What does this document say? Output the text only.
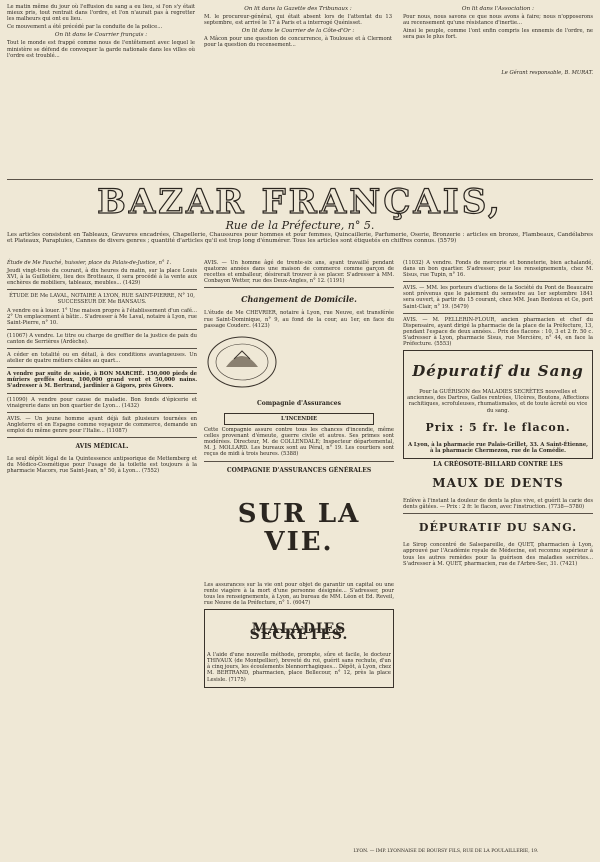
Le matin même du jour où l'effusion du sang a eu lieu, si l'on s'y était mieux pris, tout rentrait dans l'ordre, et l'on n'aurait pas à regretter les malheurs qui ont eu lieu.

Ce mouvement a été précédé par la conduite de la police...

On lit dans le Courrier français :

Tout le monde est frappé comme nous de l'entêtement avec lequel le ministère se défend de convoquer la garde nationale dans les villes où l'ordre est troublé...

On lit dans la Gazette des Tribunaux :

M. le procureur-général, qui était absent lors de l'attentat du 13 septembre, est arrivé le 17 à Paris et a interrogé Quénisset.

On lit dans le Courrier de la Côte-d'Or :

A Mâcon pour une question de concurrence, à Toulouse et à Clermont pour la question du recensement...

On lit dans l'Association :

Pour nous, nous savons ce que nous avons à faire; nous n'opposerons au recensement qu'une résistance d'inertie...

Ainsi le peuple, comme l'ont enfin compris les ennemis de l'ordre, ne sera pas le plus fort.

Le Gérant responsable, B. MURAT.

BAZAR FRANÇAIS,

Rue de la Préfecture, n° 5.

Les articles consistent en Tableaux, Gravures encadrées, Chapellerie, Chaussures pour hommes et pour femmes, Quincaillerie, Parfumerie, Oserie, Bronzerie : articles en bronze, Flambeaux, Candélabres et Plateaux, Parapluies, Cannes de divers genres ; quantité d'articles qu'il est trop long d'énumérer. Tous les articles sont étiquetés en chiffres connus. (5579)

Étude de Me Fauché, huissier, place du Palais-de-Justice, n° 1.

Jeudi vingt-trois du courant, à dix heures du matin, sur la place Louis XVI, à la Guillotière, lieu des Brotteaux, il sera procédé à la vente aux enchères de mobiliers, tableaux, meubles... (1429)

ÉTUDE DE Me LAVAL, NOTAIRE A LYON, RUE SAINT-PIERRE, N° 10, SUCCESSEUR DE Me BANSAUS.

A vendre ou à louer. 1° Une maison propre à l'établissement d'un café... 2° Un emplacement à bâtir... S'adresser à Me Laval, notaire à Lyon, rue Saint-Pierre, n° 10.

(11067) A vendre. Le titre ou charge de greffier de la justice de paix du canton de Serrières (Ardèche).

A céder en totalité ou en détail, à des conditions avantageuses. Un atelier de quatre métiers châles au quart...

A vendre par suite de saisie, à BON MARCHÉ. 150,000 pieds de mûriers greffés doux, 100,000 grand vent et 50,000 nains. S'adresser à M. Bertrand, jardinier à Gigors, près Givors.

(11090) A vendre pour cause de maladie. Bon fonds d'épicerie et vinaigrerie dans un bon quartier de Lyon... (1432)

AVIS. — Un jeune homme ayant déjà fait plusieurs tournées en Angleterre et en Espagne comme voyageur de commerce, demande un emploi du même genre pour l'Italie... (11087)

AVIS MÉDICAL.

Le seul dépôt légal de la Quintessence antipsorique de Mettemberg et du Médico-Cosmétique pour l'usage de la toilette est toujours à la pharmacie Macors, rue Saint-Jean, n° 50, à Lyon... (7552)

AVIS. — Un homme âgé de trente-six ans, ayant travaillé pendant quatorze années dans une maison de commerce comme garçon de recettes et emballeur, désirerait trouver à se placer. S'adresser à MM. Conbayon Wetter, rue des Deux-Angles, n° 12. (1191)

Changement de Domicile.

L'étude de Me CHEVRIER, notaire à Lyon, rue Neuve, est transférée rue Saint-Dominique, n° 9, au fond de la cour, au 1er, en face du passage Couderc. (4123)

Compagnie d'Assurances

L'INCENDIE

Cette Compagnie assure contre tous les chances d'incendie, même celles provenant d'émeute, guerre civile et autres. Ses primes sont modérées. Directeur, M. de COLLENDALE; Inspecteur départemental, M. J. MOLLARD. Les bureaux sont au Péral, n° 19. Les courtiers sont reçus de midi à trois heures. (5388)

COMPAGNIE D'ASSURANCES GÉNÉRALES

SUR LA VIE.

Les assurances sur la vie ont pour objet de garantir un capital ou une rente viagère à la mort d'une personne désignée... S'adresser, pour tous les renseignements, à Lyon, au bureau de MM. Léon et Ed. Reveil, rue Neuve de la Préfecture, n° 1. (6047)

MALADIES SECRÈTES.

A l'aide d'une nouvelle méthode, prompte, sûre et facile, le docteur THIVAUX (de Montpellier), breveté du roi, guérit sans rechute, d'un à cinq jours, les écoulements blennorrhagiques... Dépôt, à Lyon, chez M. BERTRAND, pharmacien, place Bellecour, n° 12, près la place Lesisle. (7175)

(11032) A vendre. Fonds de mercerie et bonneterie, bien achalandé, dans un bon quartier. S'adresser, pour les renseignements, chez M. Sisus, rue Tupin, n° 16.

AVIS. — MM. les porteurs d'actions de la Société du Pont de Beaucaire sont prévenus que le paiement du semestre au 1er septembre 1841 sera ouvert, à partir du 15 courant, chez MM. Jean Bontoux et Ce, port Saint-Clair, n° 19. (5479)

AVIS. — M. PELLERIN-FLOUR, ancien pharmacien et chef du Dispensaire, ayant dirigé la pharmacie de la place de la Préfecture, 13, pendant l'espace de deux années... Prix des flacons : 10, 3 et 2 fr. 50 c. S'adresser à Lyon, pharmacie Sisus, rue Mercière, n° 44, en face la Préfecture. (5553)

Dépuratif du Sang

Pour la GUÉRISON des MALADIES SECRÈTES nouvelles et anciennes, des Dartres, Galles rentrées, Ulcères, Boutons, Affections rachitiques, scrofuleuses, rhumatismales, et de toute âcreté ou vice du sang.

Prix : 5 fr. le flacon.

A Lyon, à la pharmacie rue Palais-Grillet, 33. A Saint-Étienne, à la pharmacie Chermezon, rue de la Comédie.

LA CRÉOSOTE-BILLARD CONTRE LES

MAUX DE DENTS

Enlève à l'instant la douleur de dents la plus vive, et guérit la carie des dents gâtées. — Prix : 2 fr. le flacon, avec l'instruction. (7738—5780)

DÉPURATIF DU SANG.

Le Sirop concentré de Salsepareille, de QUET, pharmacien à Lyon, approuvé par l'Académie royale de Médecine, est reconnu supérieur à tous les autres remèdes pour la guérison des maladies secrètes... S'adresser à M. QUET, pharmacien, rue de l'Arbre-Sec, 31. (7421)

LYON. — IMP. LYONNAISE DE BOURSY FILS, RUE DE LA POULAILLERIE, 19.
